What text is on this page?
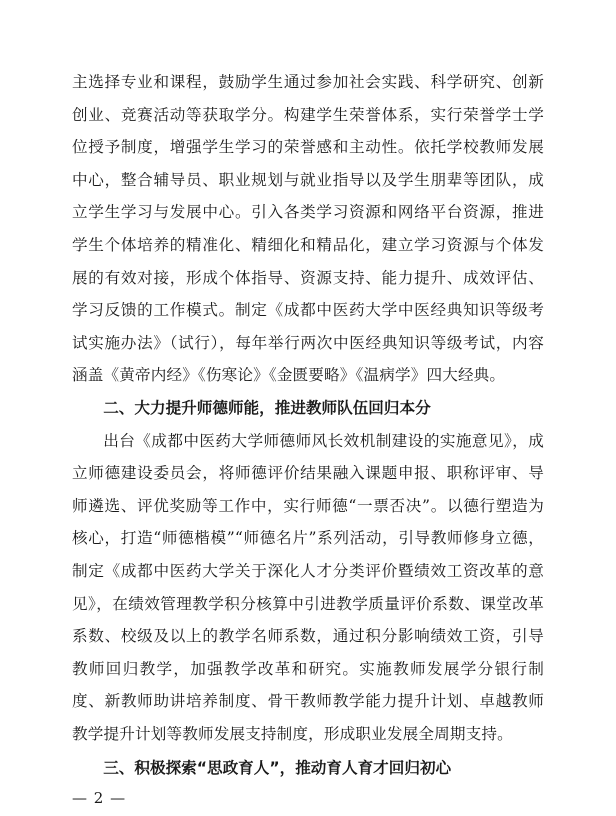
主选择专业和课程，鼓励学生通过参加社会实践、科学研究、创新创业、竞赛活动等获取学分。构建学生荣誉体系，实行荣誉学士学位授予制度，增强学生学习的荣誉感和主动性。依托学校教师发展中心，整合辅导员、职业规划与就业指导以及学生朋辈等团队，成立学生学习与发展中心。引入各类学习资源和网络平台资源，推进学生个体培养的精准化、精细化和精品化，建立学习资源与个体发展的有效对接，形成个体指导、资源支持、能力提升、成效评估、学习反馈的工作模式。制定《成都中医药大学中医经典知识等级考试实施办法》（试行），每年举行两次中医经典知识等级考试，内容涵盖《黄帝内经》《伤寒论》《金匮要略》《温病学》四大经典。

二、大力提升师德师能，推进教师队伍回归本分

出台《成都中医药大学师德师风长效机制建设的实施意见》，成立师德建设委员会，将师德评价结果融入课题申报、职称评审、导师遴选、评优奖励等工作中，实行师德“一票否决”。以德行塑造为核心，打造“师德楷模”“师德名片”系列活动，引导教师修身立德，制定《成都中医药大学关于深化人才分类评价暨绩效工资改革的意见》，在绩效管理教学积分核算中引进教学质量评价系数、课堂改革系数、校级及以上的教学名师系数，通过积分影响绩效工资，引导教师回归教学，加强教学改革和研究。实施教师发展学分银行制度、新教师助讲培养制度、骨干教师教学能力提升计划、卓越教师教学提升计划等教师发展支持制度，形成职业发展全周期支持。

三、积极探索“思政育人”，推动育人育才回归初心

— 2 —
